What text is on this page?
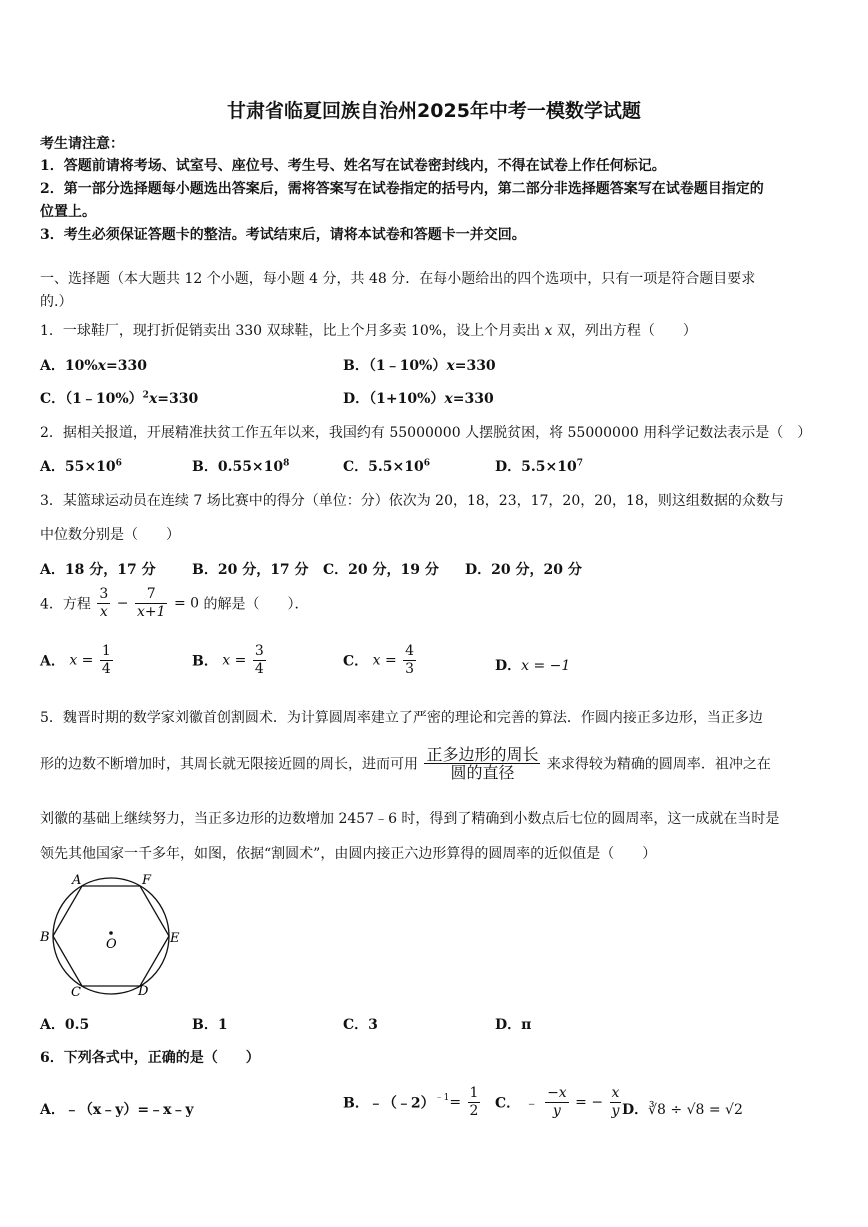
甘肃省临夏回族自治州2025年中考一模数学试题
考生请注意：
1．答题前请将考场、试室号、座位号、考生号、姓名写在试卷密封线内，不得在试卷上作任何标记。
2．第一部分选择题每小题选出答案后，需将答案写在试卷指定的括号内，第二部分非选择题答案写在试卷题目指定的
位置上。
3．考生必须保证答题卡的整洁。考试结束后，请将本试卷和答题卡一并交回。
一、选择题（本大题共 12 个小题，每小题 4 分，共 48 分．在每小题给出的四个选项中，只有一项是符合题目要求
的.）
1．一球鞋厂，现打折促销卖出 330 双球鞋，比上个月多卖 10%，设上个月卖出 x 双，列出方程（　　）
A．10%x=330	B．（1﹣10%）x=330
C．（1﹣10%）$^2$x=330	D．（1+10%）x=330
2．据相关报道，开展精准扶贫工作五年以来，我国约有 55000000 人摆脱贫困，将 55000000 用科学记数法表示是（　）
A．$55\times 10^6$	B．$0.55\times 10^8$	C．$5.5\times 10^6$	D．$5.5\times 10^7$
3．某篮球运动员在连续 7 场比赛中的得分（单位：分）依次为 20，18，23，17，20，20，18，则这组数据的众数与
中位数分别是（　　）
A．18 分，17 分	B．20 分，17 分 C．20 分，19 分 D．20 分，20 分
4．方程 $\frac{3}{x} - \frac{7}{x+1} = 0$ 的解是（　　）．
A． $x = \frac{1}{4}$	B． $x = \frac{3}{4}$	C． $x = \frac{4}{3}$	D．x = −1
5．魏晋时期的数学家刘徽首创割圆术．为计算圆周率建立了严密的理论和完善的算法．作圆内接正多边形，当正多边
形的边数不断增加时，其周长就无限接近圆的周长，进而可用 $\frac{\text{正多边形的周长}}{\text{圆的直径}}$ 来求得较为精确的圆周率．祖冲之在
刘徽的基础上继续努力，当正多边形的边数增加 2457﹣6 时，得到了精确到小数点后七位的圆周率，这一成就在当时是
领先其他国家一千多年，如图，依据“割圆术”，由圆内接正六边形算得的圆周率的近似值是（　　）
A	F
B	E
C	D
O
A．0.5	B．1	C．3	D．π
6．下列各式中，正确的是（　　）
A．﹣（x﹣y）=﹣x﹣y	B．﹣（﹣2）$^{﹣1}$= $\frac{1}{2}$ C． ﹣ $\frac{-x}{y}$ = − $\frac{x}{y}$ D．∛8 ÷ √8 = √2
